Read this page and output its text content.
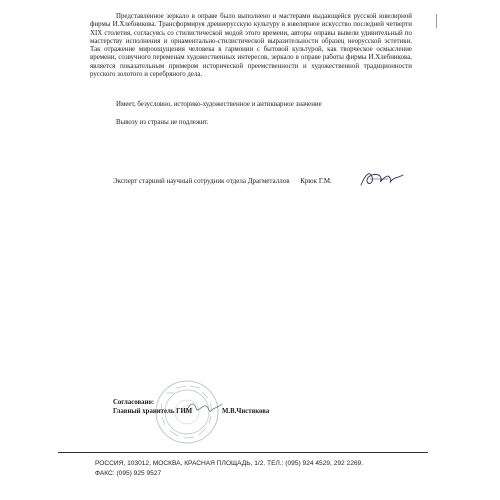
Представленное зеркало в оправе было выполнено и мастерами выдающейся русской ювелирной фирмы И.Хлебникова. Трансформируя древнерусскую культуру в ювелирное искусство последней четверти XIX столетия, согласуясь со стилистической модой этого времени, авторы оправы вывели удивительный по мастерству исполнения и орнаментально-стилистической выразительности образец неорусской эстетики. Так отражение мироощущения человека в гармонии с бытовой культурой, как творческое осмысление времени, созвучного переменам художественных интересов, зеркало в оправе работы фирмы И.Хлебникова, является показательным примером исторической преемственности и художественной традиционности русского золотого и серебряного дела.

Имеет, безусловно, историко-художественное и антикварное значение

Вывозу из страны не подлежит.

Эксперт старший научный сотрудник отдела Драгметаллов Крюк Г.М.
Согласовано:
Главный хранитель ГИМ	М.В.Чистякова
РОССИЯ, 103012, МОСКВА, КРАСНАЯ ПЛОЩАДЬ, 1/2. ТЕЛ.: (095) 924 4529, 292 2269.
ФАКС: (095) 925 9527
